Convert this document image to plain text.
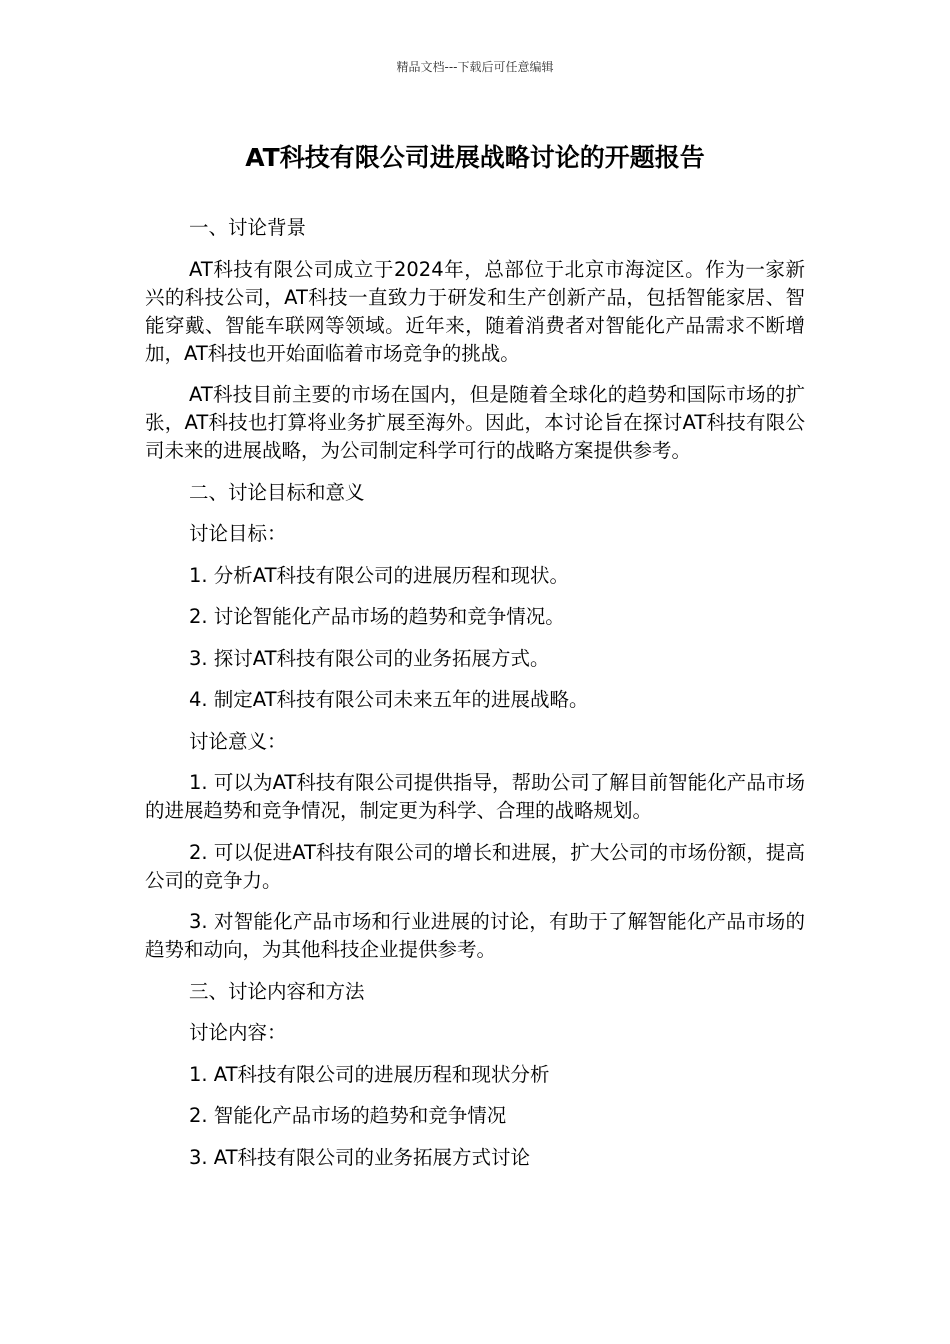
精品文档---下载后可任意编辑
AT科技有限公司进展战略讨论的开题报告

一、讨论背景

AT科技有限公司成立于2024年，总部位于北京市海淀区。作为一家新兴的科技公司，AT科技一直致力于研发和生产创新产品，包括智能家居、智能穿戴、智能车联网等领域。近年来，随着消费者对智能化产品需求不断增加，AT科技也开始面临着市场竞争的挑战。

AT科技目前主要的市场在国内，但是随着全球化的趋势和国际市场的扩张，AT科技也打算将业务扩展至海外。因此，本讨论旨在探讨AT科技有限公司未来的进展战略，为公司制定科学可行的战略方案提供参考。

二、讨论目标和意义

讨论目标：

1. 分析AT科技有限公司的进展历程和现状。

2. 讨论智能化产品市场的趋势和竞争情况。

3. 探讨AT科技有限公司的业务拓展方式。

4. 制定AT科技有限公司未来五年的进展战略。

讨论意义：

1. 可以为AT科技有限公司提供指导，帮助公司了解目前智能化产品市场的进展趋势和竞争情况，制定更为科学、合理的战略规划。

2. 可以促进AT科技有限公司的增长和进展，扩大公司的市场份额，提高公司的竞争力。

3. 对智能化产品市场和行业进展的讨论，有助于了解智能化产品市场的趋势和动向，为其他科技企业提供参考。

三、讨论内容和方法

讨论内容：

1. AT科技有限公司的进展历程和现状分析

2. 智能化产品市场的趋势和竞争情况

3. AT科技有限公司的业务拓展方式讨论
